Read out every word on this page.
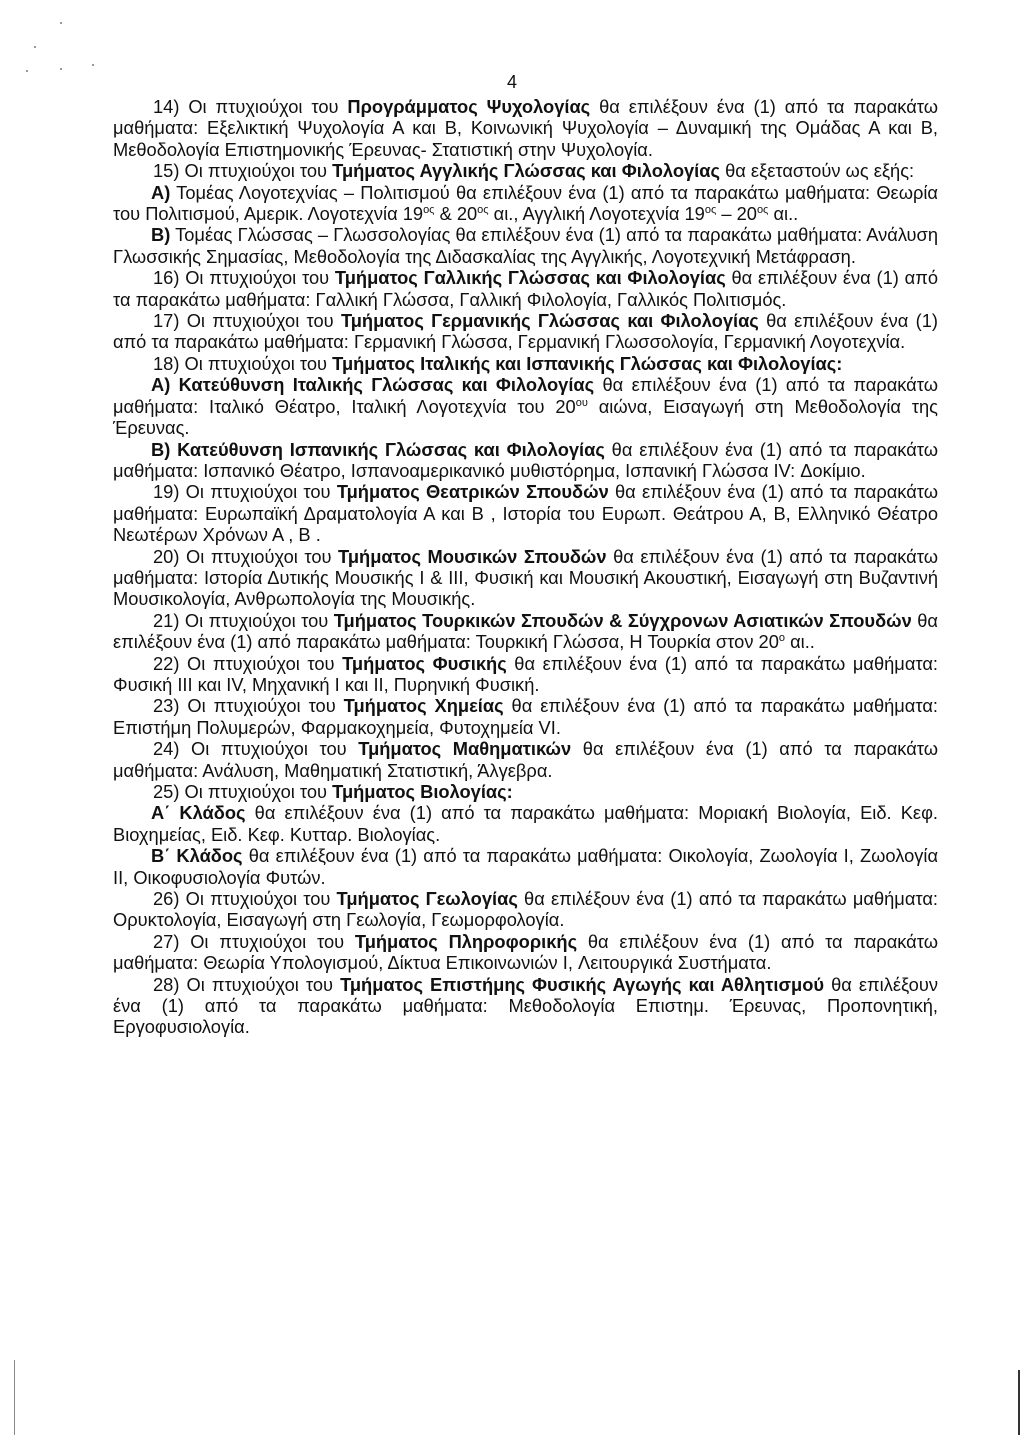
4

14) Οι πτυχιούχοι του Προγράμματος Ψυχολογίας θα επιλέξουν ένα (1) από τα παρακάτω μαθήματα: Εξελικτική Ψυχολογία Α και Β, Κοινωνική Ψυχολογία – Δυναμική της Ομάδας Α και Β, Μεθοδολογία Επιστημονικής Έρευνας- Στατιστική στην Ψυχολογία.

15) Οι πτυχιούχοι του Τμήματος Αγγλικής Γλώσσας και Φιλολογίας θα εξεταστούν ως εξής:

Α) Τομέας Λογοτεχνίας – Πολιτισμού θα επιλέξουν ένα (1) από τα παρακάτω μαθήματα: Θεωρία του Πολιτισμού, Αμερικ. Λογοτεχνία $19^{o\varsigma}$ & $20^{o\varsigma}$ αι., Αγγλική Λογοτεχνία $19^{o\varsigma} - 20^{o\varsigma}$ αι..

Β) Τομέας Γλώσσας – Γλωσσολογίας θα επιλέξουν ένα (1) από τα παρακάτω μαθήματα: Ανάλυση Γλωσσικής Σημασίας, Μεθοδολογία της Διδασκαλίας της Αγγλικής, Λογοτεχνική Μετάφραση.

16) Οι πτυχιούχοι του Τμήματος Γαλλικής Γλώσσας και Φιλολογίας θα επιλέξουν ένα (1) από τα παρακάτω μαθήματα: Γαλλική Γλώσσα, Γαλλική Φιλολογία, Γαλλικός Πολιτισμός.

17) Οι πτυχιούχοι του Τμήματος Γερμανικής Γλώσσας και Φιλολογίας θα επιλέξουν ένα (1) από τα παρακάτω μαθήματα: Γερμανική Γλώσσα, Γερμανική Γλωσσολογία, Γερμανική Λογοτεχνία.

18) Οι πτυχιούχοι του Τμήματος Ιταλικής και Ισπανικής Γλώσσας και Φιλολογίας:

Α) Κατεύθυνση Ιταλικής Γλώσσας και Φιλολογίας θα επιλέξουν ένα (1) από τα παρακάτω μαθήματα: Ιταλικό Θέατρο, Ιταλική Λογοτεχνία του $20^{o\upsilon}$ αιώνα, Εισαγωγή στη Μεθοδολογία της Έρευνας.

Β) Κατεύθυνση Ισπανικής Γλώσσας και Φιλολογίας θα επιλέξουν ένα (1) από τα παρακάτω μαθήματα: Ισπανικό Θέατρο, Ισπανοαμερικανικό μυθιστόρημα, Ισπανική Γλώσσα IV: Δοκίμιο.

19) Οι πτυχιούχοι του Τμήματος Θεατρικών Σπουδών θα επιλέξουν ένα (1) από τα παρακάτω μαθήματα: Ευρωπαϊκή Δραματολογία Α και Β , Ιστορία του Ευρωπ. Θεάτρου Α, Β, Ελληνικό Θέατρο Νεωτέρων Χρόνων Α , Β .

20) Οι πτυχιούχοι του Τμήματος Μουσικών Σπουδών θα επιλέξουν ένα (1) από τα παρακάτω μαθήματα: Ιστορία Δυτικής Μουσικής I & III, Φυσική και Μουσική Ακουστική, Εισαγωγή στη Βυζαντινή Μουσικολογία, Ανθρωπολογία της Μουσικής.

21) Οι πτυχιούχοι του Τμήματος Τουρκικών Σπουδών & Σύγχρονων Ασιατικών Σπουδών θα επιλέξουν ένα (1) από παρακάτω μαθήματα: Τουρκική Γλώσσα, Η Τουρκία στον $20^o$ αι..

22) Οι πτυχιούχοι του Τμήματος Φυσικής θα επιλέξουν ένα (1) από τα παρακάτω μαθήματα: Φυσική III και IV, Μηχανική I και II, Πυρηνική Φυσική.

23) Οι πτυχιούχοι του Τμήματος Χημείας θα επιλέξουν ένα (1) από τα παρακάτω μαθήματα: Επιστήμη Πολυμερών, Φαρμακοχημεία, Φυτοχημεία VI.

24) Οι πτυχιούχοι του Τμήματος Μαθηματικών θα επιλέξουν ένα (1) από τα παρακάτω μαθήματα: Ανάλυση, Μαθηματική Στατιστική, Άλγεβρα.

25) Οι πτυχιούχοι του Τμήματος Βιολογίας:

Α΄ Κλάδος θα επιλέξουν ένα (1) από τα παρακάτω μαθήματα: Μοριακή Βιολογία, Ειδ. Κεφ. Βιοχημείας, Ειδ. Κεφ. Κυτταρ. Βιολογίας.

Β΄ Κλάδος θα επιλέξουν ένα (1) από τα παρακάτω μαθήματα: Οικολογία, Ζωολογία I, Ζωολογία II, Οικοφυσιολογία Φυτών.

26) Οι πτυχιούχοι του Τμήματος Γεωλογίας θα επιλέξουν ένα (1) από τα παρακάτω μαθήματα: Ορυκτολογία, Εισαγωγή στη Γεωλογία, Γεωμορφολογία.

27) Οι πτυχιούχοι του Τμήματος Πληροφορικής θα επιλέξουν ένα (1) από τα παρακάτω μαθήματα: Θεωρία Υπολογισμού, Δίκτυα Επικοινωνιών I, Λειτουργικά Συστήματα.

28) Οι πτυχιούχοι του Τμήματος Επιστήμης Φυσικής Αγωγής και Αθλητισμού θα επιλέξουν ένα (1) από τα παρακάτω μαθήματα: Μεθοδολογία Επιστημ. Έρευνας, Προπονητική, Εργοφυσιολογία.
